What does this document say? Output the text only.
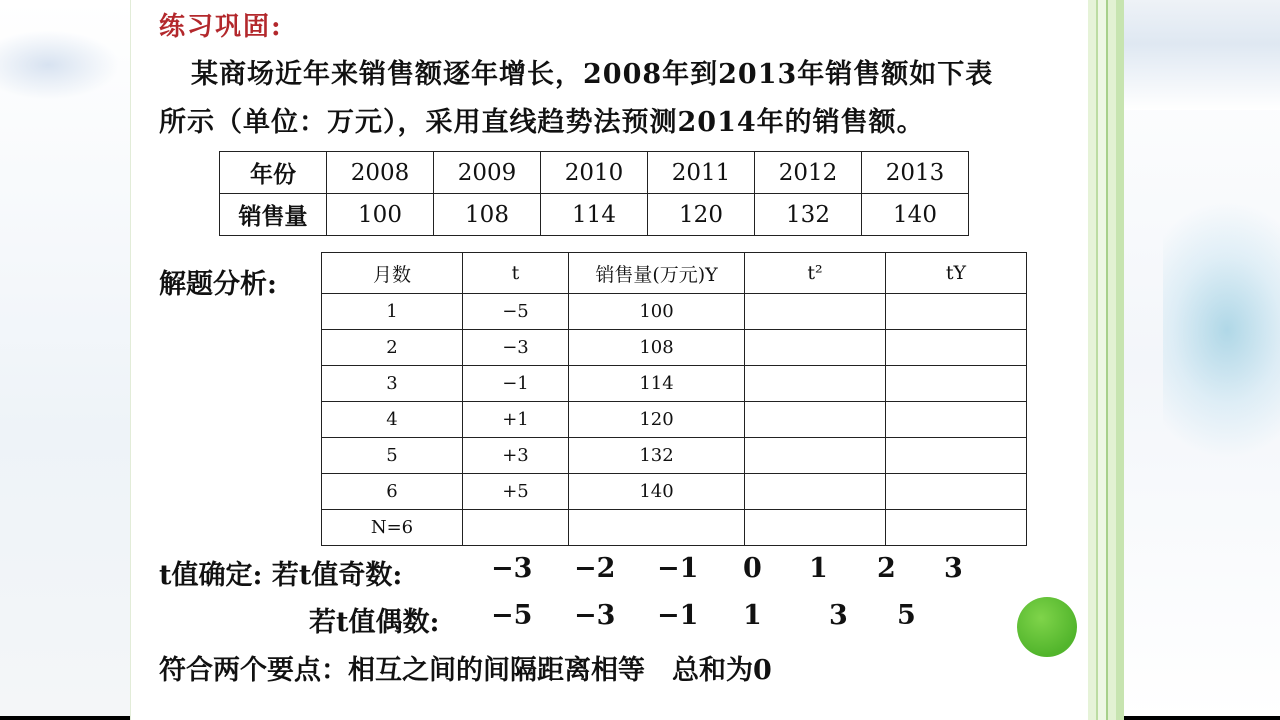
练习巩固:
某商场近年来销售额逐年增长，2008年到2013年销售额如下表
所示（单位：万元），采用直线趋势法预测2014年的销售额。
年份	2008	2009	2010	2011	2012	2013
销售量	100	108	114	120	132	140
解题分析:	月数	t	销售量(万元)Y	t²	tY
1	−5	100		
2	−3	108		
3	−1	114		
4	+1	120		
5	+3	132		
6	+5	140		
N=6				
t值确定: 若t值奇数:	−3 −2 −1 0 1 2 3
若t值偶数: −5 −3 −1 1 3 5
符合两个要点：相互之间的间隔距离相等　总和为0
